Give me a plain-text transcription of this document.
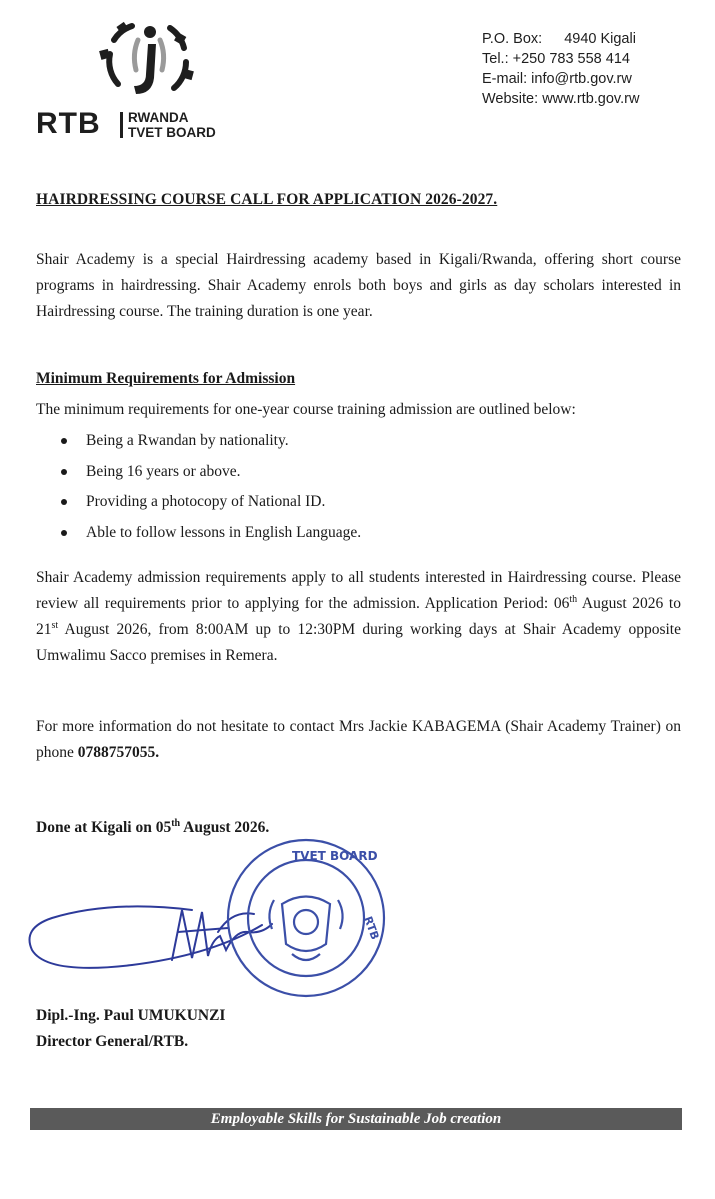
RTB RWANDA
TVET BOARD
P.O. Box: 4940 Kigali
Tel.: +250 783 558 414
E-mail: info@rtb.gov.rw
Website: www.rtb.gov.rw
HAIRDRESSING COURSE CALL FOR APPLICATION 2026-2027.
Shair Academy is a special Hairdressing academy based in Kigali/Rwanda, offering short course programs in hairdressing. Shair Academy enrols both boys and girls as day scholars interested in Hairdressing course. The training duration is one year.
Minimum Requirements for Admission
The minimum requirements for one-year course training admission are outlined below:
Being a Rwandan by nationality.
Being 16 years or above.
Providing a photocopy of National ID.
Able to follow lessons in English Language.
Shair Academy admission requirements apply to all students interested in Hairdressing course. Please review all requirements prior to applying for the admission. Application Period: 06th August 2026 to 21st August 2026, from 8:00AM up to 12:30PM during working days at Shair Academy opposite Umwalimu Sacco premises in Remera.
For more information do not hesitate to contact Mrs Jackie KABAGEMA (Shair Academy Trainer) on phone 0788757055.
Done at Kigali on 05th August 2026.
TVET BOARD
RTB
Dipl.-Ing. Paul UMUKUNZI
Director General/RTB.
Employable Skills for Sustainable Job creation
